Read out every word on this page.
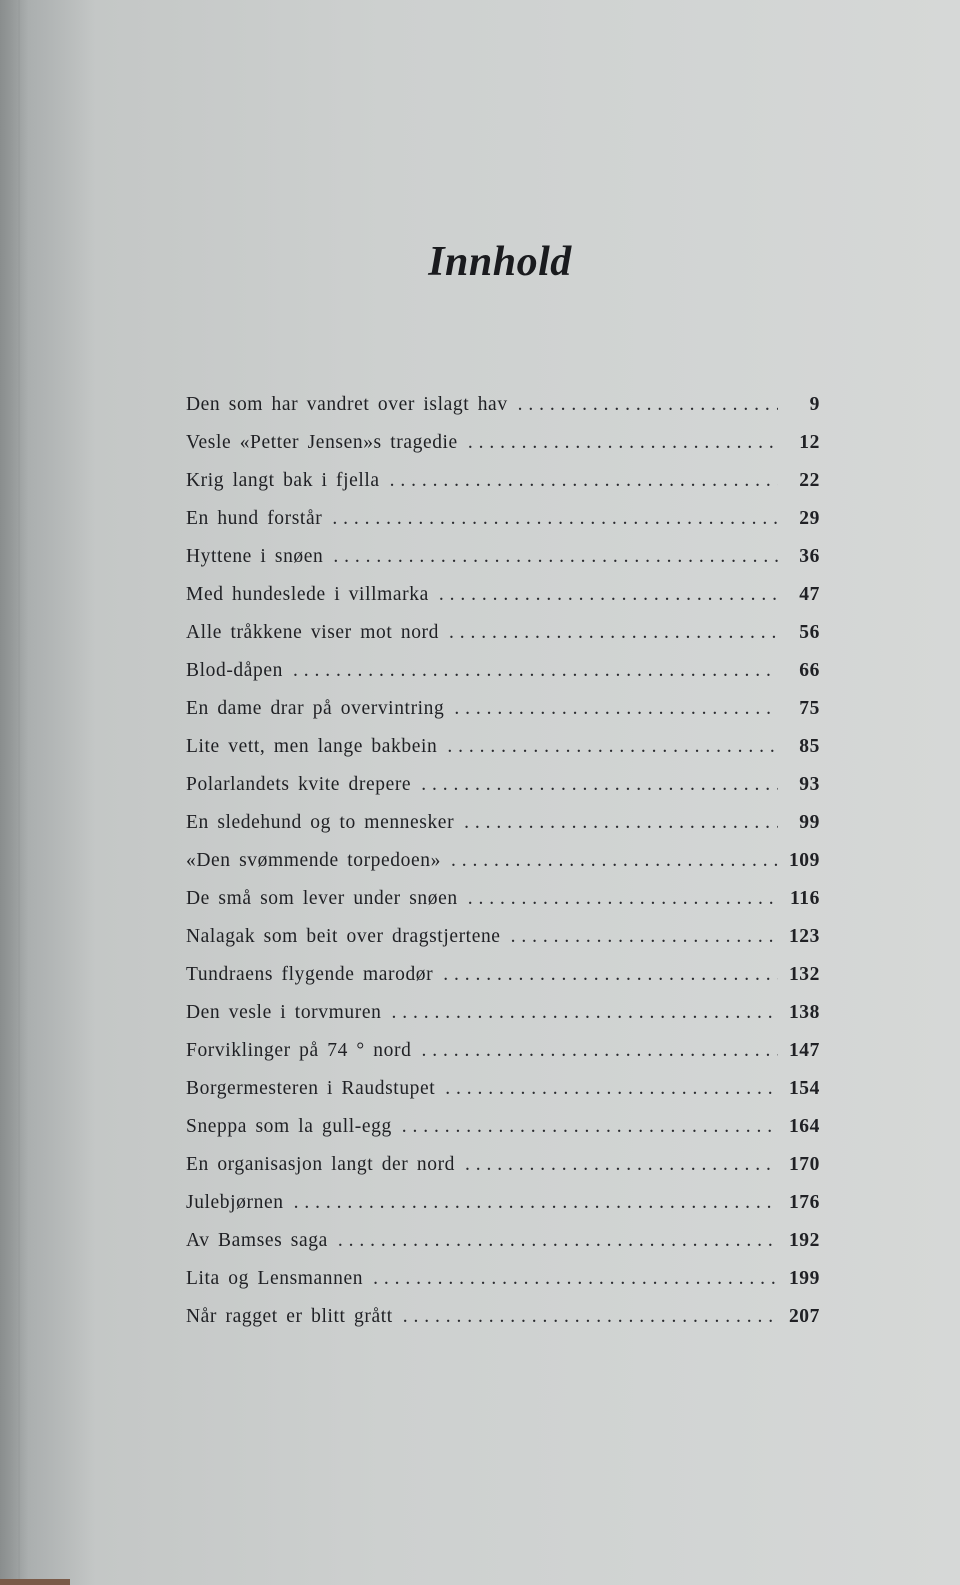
Innhold
Den som har vandret over islagt hav . . .	9
Vesle «Petter Jensen»s tragedie . . .	12
Krig langt bak i fjella . . .	22
En hund forstår . . .	29
Hyttene i snøen . . .	36
Med hundeslede i villmarka . . .	47
Alle tråkkene viser mot nord . . .	56
Blod-dåpen . . .	66
En dame drar på overvintring . . .	75
Lite vett, men lange bakbein . . .	85
Polarlandets kvite drepere . . .	93
En sledehund og to mennesker . . .	99
«Den svømmende torpedoen» . . .	109
De små som lever under snøen . . .	116
Nalagak som beit over dragstjertene . . .	123
Tundraens flygende marodør . . .	132
Den vesle i torvmuren . . .	138
Forviklinger på 74 ° nord . . .	147
Borgermesteren i Raudstupet . . .	154
Sneppa som la gull-egg . . .	164
En organisasjon langt der nord . . .	170
Julebjørnen . . .	176
Av Bamses saga . . .	192
Lita og Lensmannen . . .	199
Når ragget er blitt grått . . .	207
